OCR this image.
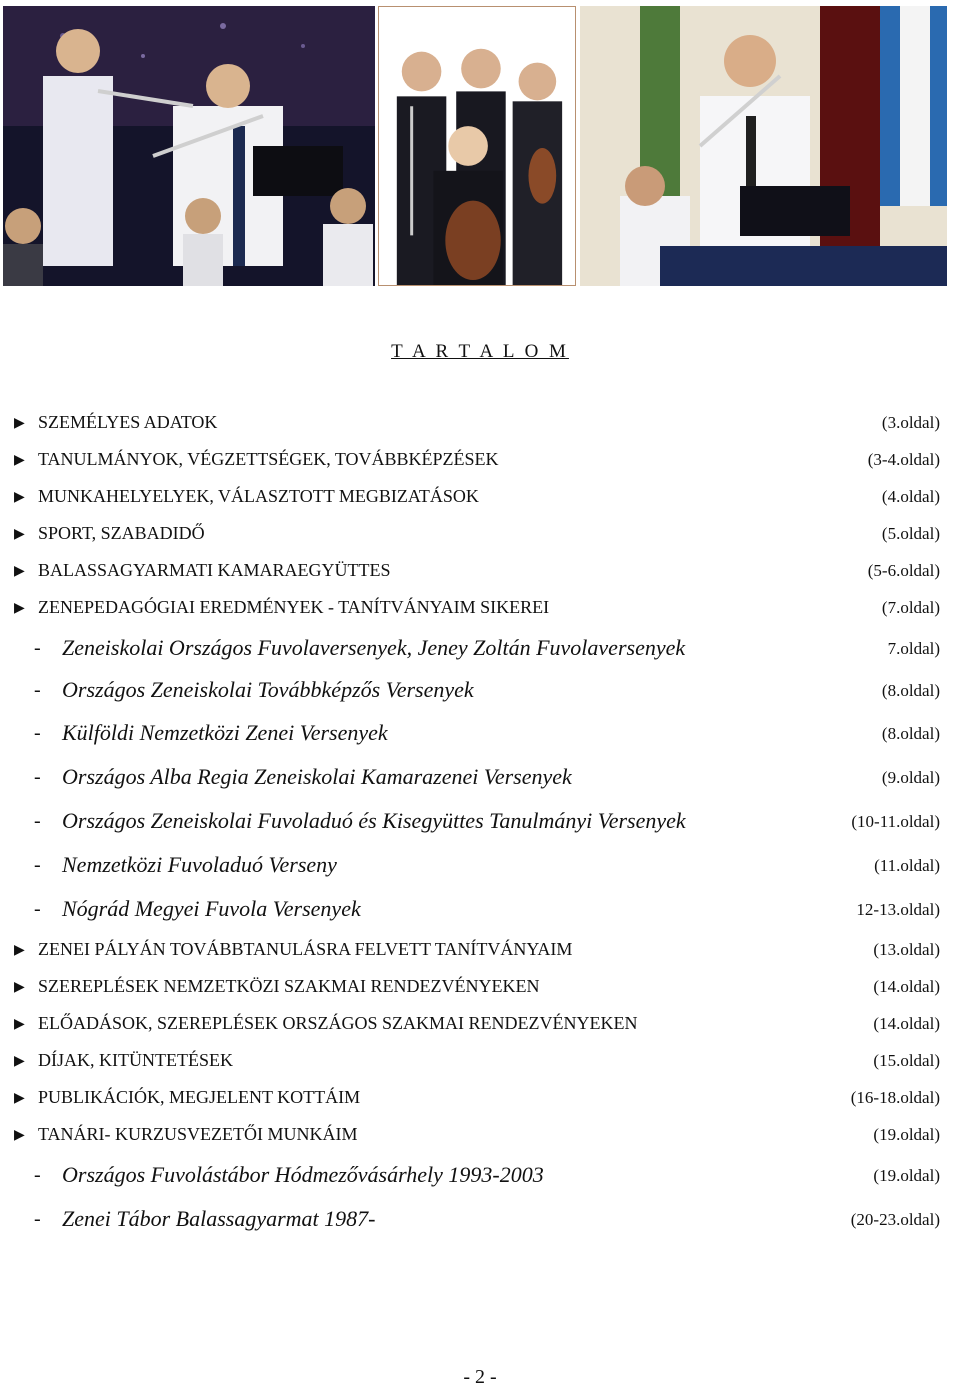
T A R T A L O M
▶ SZEMÉLYES ADATOK	(3.oldal)
▶ TANULMÁNYOK, VÉGZETTSÉGEK, TOVÁBBKÉPZÉSEK	(3-4.oldal)
▶ MUNKAHELYELYEK, VÁLASZTOTT MEGBIZATÁSOK	(4.oldal)
▶ SPORT, SZABADIDŐ	(5.oldal)
▶ BALASSAGYARMATI KAMARAEGYÜTTES	(5-6.oldal)
▶ ZENEPEDAGÓGIAI EREDMÉNYEK - TANÍTVÁNYAIM SIKEREI	(7.oldal)
- Zeneiskolai Országos Fuvolaversenyek, Jeney Zoltán Fuvolaversenyek	7.oldal)
- Országos Zeneiskolai Továbbképzős Versenyek	(8.oldal)
- Külföldi Nemzetközi Zenei Versenyek	(8.oldal)
- Országos Alba Regia Zeneiskolai Kamarazenei Versenyek	(9.oldal)
- Országos Zeneiskolai Fuvoladuó és Kisegyüttes Tanulmányi Versenyek	(10-11.oldal)
- Nemzetközi Fuvoladuó Verseny	(11.oldal)
- Nógrád Megyei Fuvola Versenyek	12-13.oldal)
▶ ZENEI PÁLYÁN TOVÁBBTANULÁSRA FELVETT TANÍTVÁNYAIM	(13.oldal)
▶ SZEREPLÉSEK NEMZETKÖZI SZAKMAI RENDEZVÉNYEKEN	(14.oldal)
▶ ELŐADÁSOK, SZEREPLÉSEK ORSZÁGOS SZAKMAI RENDEZVÉNYEKEN	(14.oldal)
▶ DÍJAK, KITÜNTETÉSEK	(15.oldal)
▶ PUBLIKÁCIÓK, MEGJELENT KOTTÁIM	(16-18.oldal)
▶ TANÁRI- KURZUSVEZETŐI MUNKÁIM	(19.oldal)
- Országos Fuvolástábor Hódmezővásárhely 1993-2003	(19.oldal)
- Zenei Tábor Balassagyarmat 1987-	(20-23.oldal)
- 2 -
